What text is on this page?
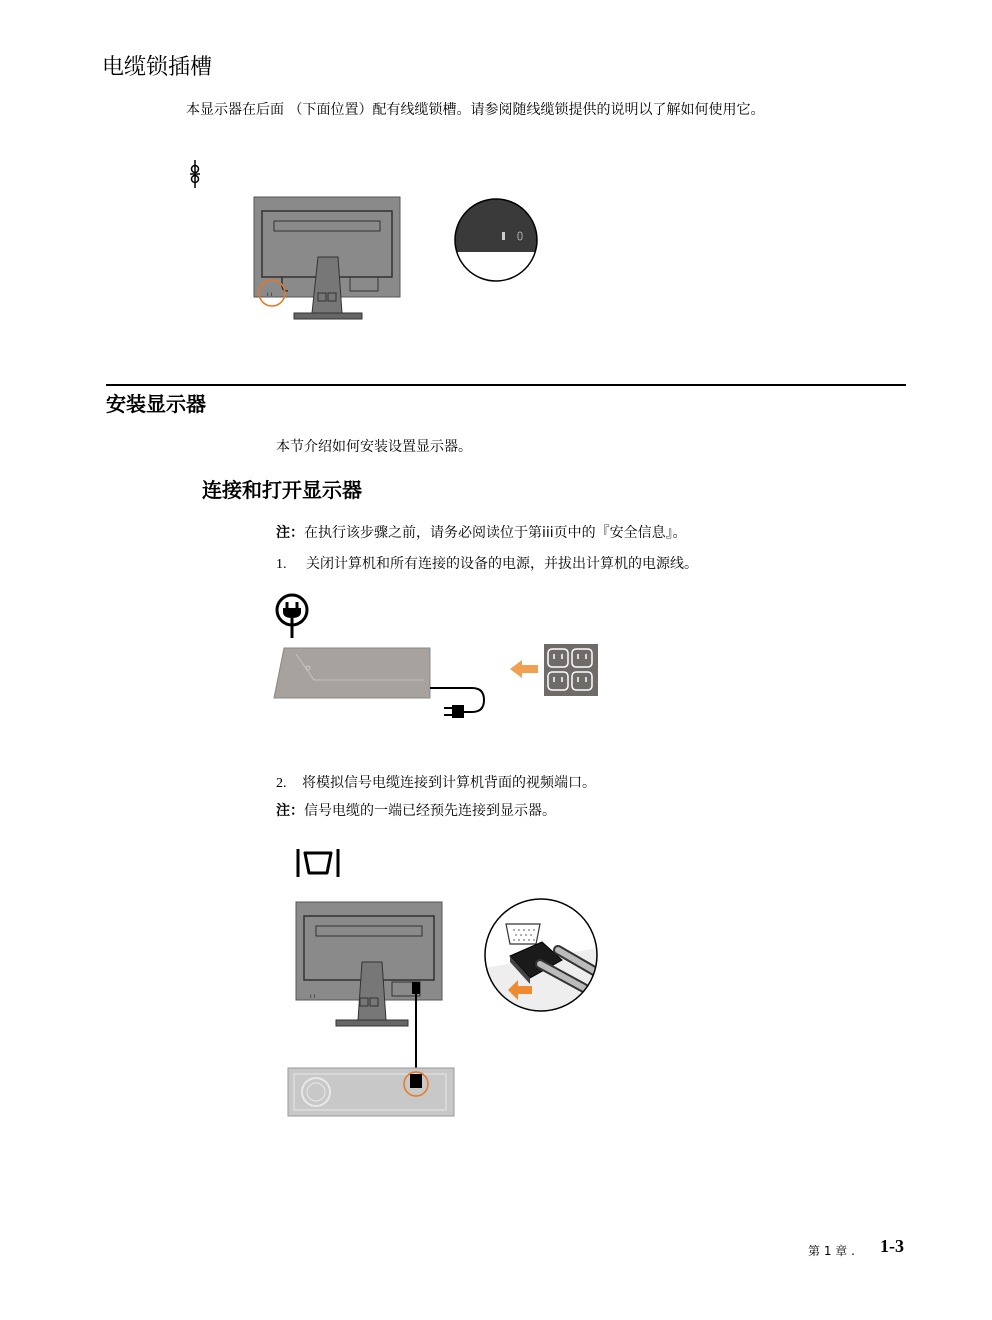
电缆锁插槽
本显示器在后面 （下面位置）配有线缆锁槽。请参阅随线缆锁提供的说明以了解如何使用它。
ı ı
安装显示器
本节介绍如何安装设置显示器。
连接和打开显示器
注：在执行该步骤之前，请务必阅读位于第iii页中的『安全信息』。
1. 关闭计算机和所有连接的设备的电源，并拔出计算机的电源线。
2. 将模拟信号电缆连接到计算机背面的视频端口。
注：信号电缆的一端已经预先连接到显示器。
ı ı
第 1 章 . 1-3
